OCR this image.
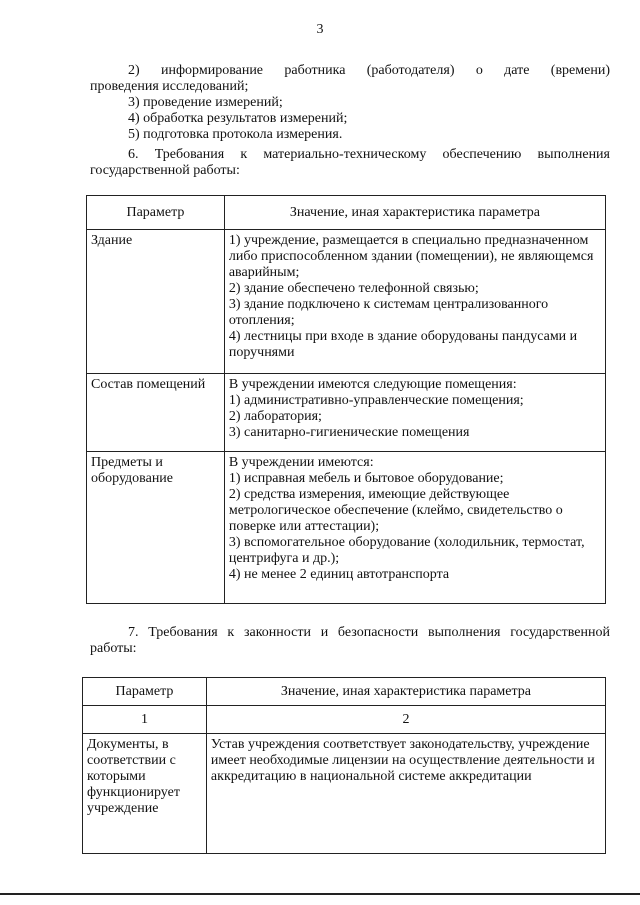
3
2) информирование работника (работодателя) о дате (времени)
проведения исследований;
3) проведение измерений;
4) обработка результатов измерений;
5) подготовка протокола измерения.
6. Требования к материально-техническому обеспечению выполнения государственной работы:
Параметр	Значение, иная характеристика параметра
Здание	1) учреждение, размещается в специально предназначенном либо приспособленном здании (помещении), не являющемся аварийным;
2) здание обеспечено телефонной связью;
3) здание подключено к системам централизованного отопления;
4) лестницы при входе в здание оборудованы пандусами и поручнями

Состав помещений	В учреждении имеются следующие помещения:
1) административно-управленческие помещения;
2) лаборатория;
3) санитарно-гигиенические помещения

Предметы и оборудование	В учреждении имеются:
1) исправная мебель и бытовое оборудование;
2) средства измерения, имеющие действующее метрологическое обеспечение (клеймо, свидетельство о поверке или аттестации);
3) вспомогательное оборудование (холодильник, термостат, центрифуга и др.);
4) не менее 2 единиц автотранспорта
7. Требования к законности и безопасности выполнения государственной работы:
Параметр	Значение, иная характеристика параметра
1	2
Документы, в соответствии с которыми функционирует учреждение	Устав учреждения соответствует законодательству, учреждение имеет необходимые лицензии на осуществление деятельности и аккредитацию в национальной системе аккредитации
